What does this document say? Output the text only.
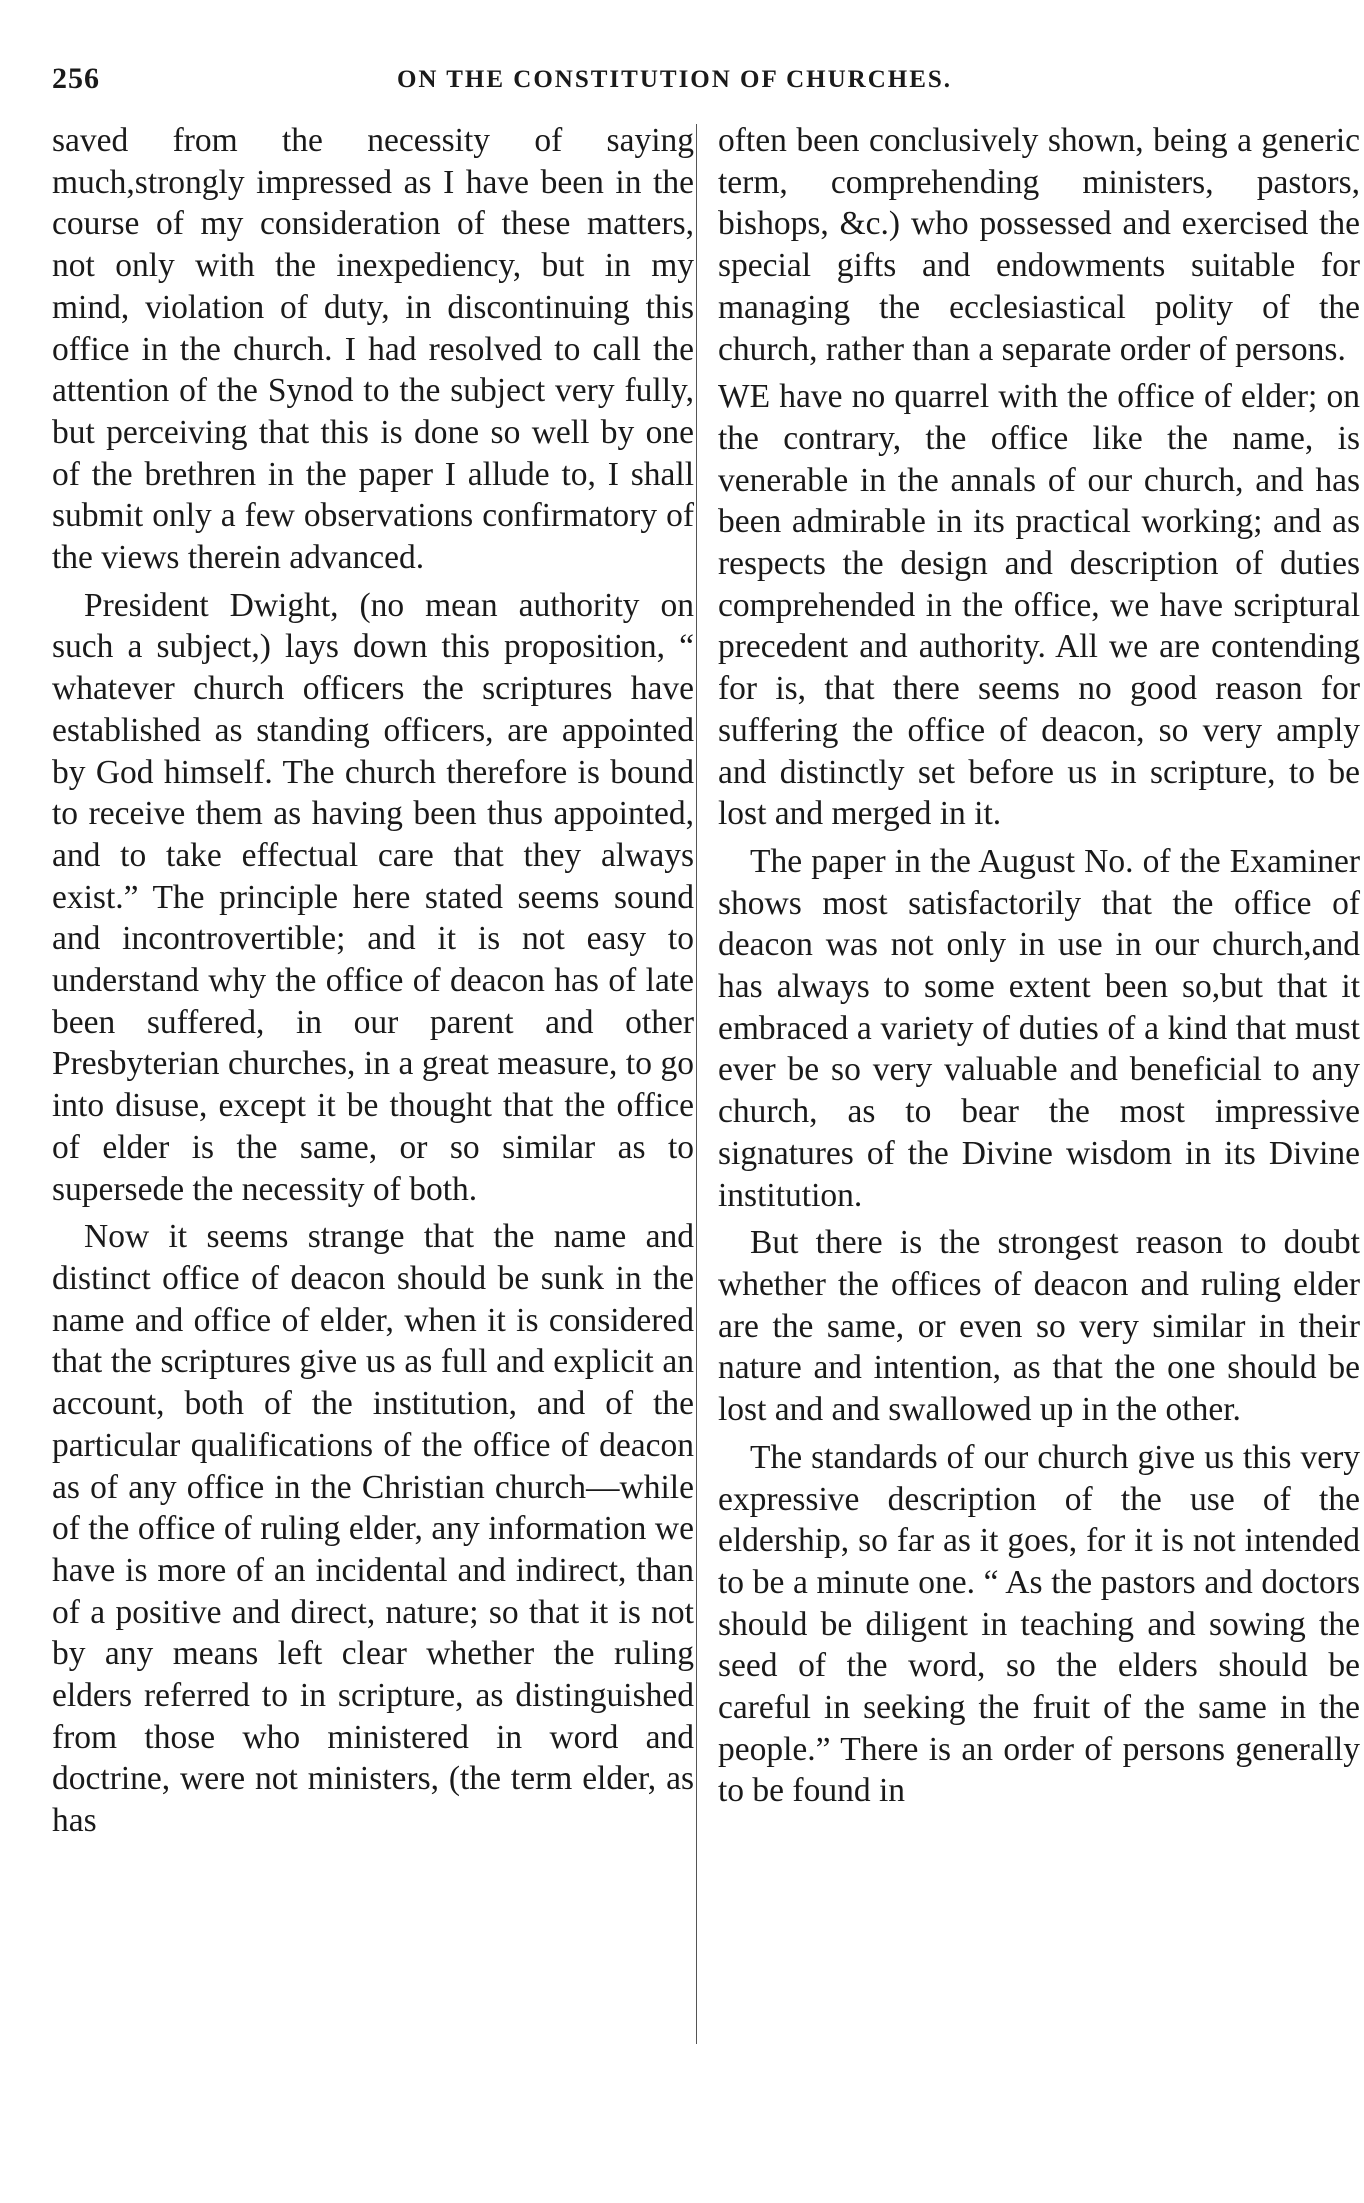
256	ON THE CONSTITUTION OF CHURCHES.

saved from the necessity of saying much,strongly impressed as I have been in the course of my consideration of these matters, not only with the inexpediency, but in my mind, violation of duty, in discontinuing this office in the church. I had resolved to call the attention of the Synod to the subject very fully, but perceiving that this is done so well by one of the brethren in the paper I allude to, I shall submit only a few observations confirmatory of the views therein advanced.

President Dwight, (no mean authority on such a subject,) lays down this proposition, “ whatever church officers the scriptures have established as standing officers, are appointed by God himself. The church therefore is bound to receive them as having been thus appointed, and to take effectual care that they always exist.” The principle here stated seems sound and incontrovertible; and it is not easy to understand why the office of deacon has of late been suffered, in our parent and other Presbyterian churches, in a great measure, to go into disuse, except it be thought that the office of elder is the same, or so similar as to supersede the necessity of both.

Now it seems strange that the name and distinct office of deacon should be sunk in the name and office of elder, when it is considered that the scriptures give us as full and explicit an account, both of the institution, and of the particular qualifications of the office of deacon as of any office in the Christian church—while of the office of ruling elder, any information we have is more of an incidental and indirect, than of a positive and direct, nature; so that it is not by any means left clear whether the ruling elders referred to in scripture, as distinguished from those who ministered in word and doctrine, were not ministers, (the term elder, as has

often been conclusively shown, being a generic term, comprehending ministers, pastors, bishops, &c.) who possessed and exercised the special gifts and endowments suitable for managing the ecclesiastical polity of the church, rather than a separate order of persons.

WE have no quarrel with the office of elder; on the contrary, the office like the name, is venerable in the annals of our church, and has been admirable in its practical working; and as respects the design and description of duties comprehended in the office, we have scriptural precedent and authority. All we are contending for is, that there seems no good reason for suffering the office of deacon, so very amply and distinctly set before us in scripture, to be lost and merged in it.

The paper in the August No. of the Examiner shows most satisfactorily that the office of deacon was not only in use in our church,and has always to some extent been so,but that it embraced a variety of duties of a kind that must ever be so very valuable and beneficial to any church, as to bear the most impressive signatures of the Divine wisdom in its Divine institution.

But there is the strongest reason to doubt whether the offices of deacon and ruling elder are the same, or even so very similar in their nature and intention, as that the one should be lost and and swallowed up in the other.

The standards of our church give us this very expressive description of the use of the eldership, so far as it goes, for it is not intended to be a minute one. “ As the pastors and doctors should be diligent in teaching and sowing the seed of the word, so the elders should be careful in seeking the fruit of the same in the people.” There is an order of persons generally to be found in
